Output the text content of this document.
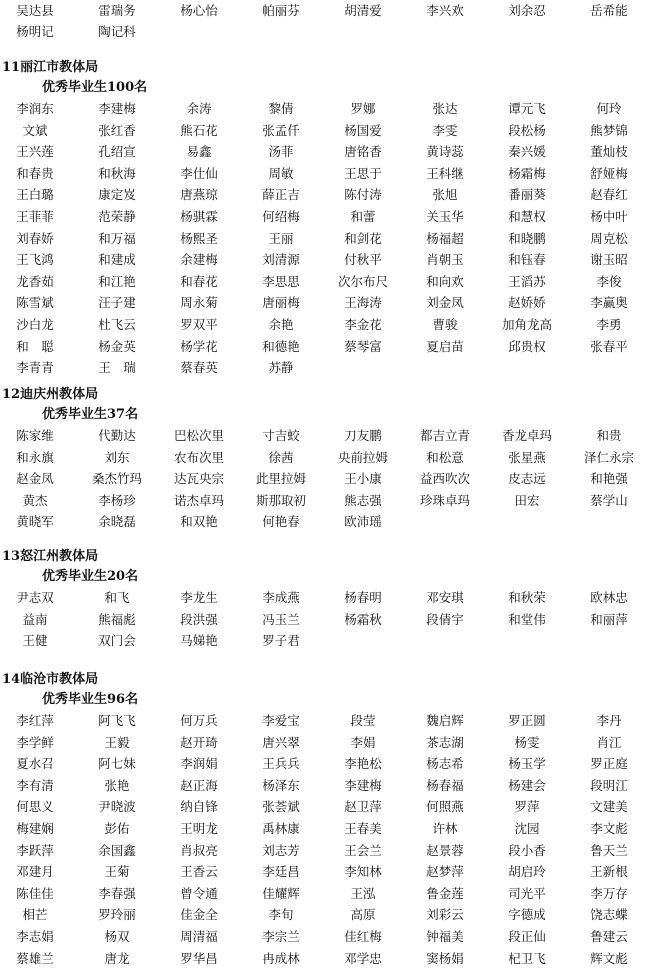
吴达县	雷瑞务	杨心怡	帕丽芬	胡清爱	李兴欢	刘余忍	岳希能
杨明记	陶记科
11丽江市教体局
优秀毕业生100名
李润东	李建梅	余涛	黎倩	罗娜	张达	谭元飞	何玲
文斌	张红香	熊石花	张孟仟	杨国爱	李雯	段松杨	熊梦锦
王兴莲	孔绍宣	易鑫	汤菲	唐铭香	黄诗蕊	秦兴媛	董灿枝
和春贵	和秋海	李仕仙	周敏	王思于	王科继	杨霜梅	舒娅梅
王白璐	康定岌	唐燕琼	薛正吉	陈付涛	张旭	番丽葵	赵春红
王菲菲	范荣静	杨骐霖	何绍梅	和蕾	关玉华	和慧权	杨中叶
刘春娇	和万福	杨熙圣	王丽	和剑花	杨福超	和晓鹏	周克松
王飞鸿	和建成	余建梅	刘清源	付秋平	肖朝玉	和钰春	谢玉昭
龙香茹	和江艳	和春花	李思思	次尔布尺	和向欢	王滔苏	李俊
陈雪斌	汪子建	周永菊	唐丽梅	王海涛	刘金凤	赵娇娇	李赢奥
沙白龙	杜飞云	罗双平	余艳	李金花	曹骏	加角龙高	李勇
和　聪	杨金英	杨学花	和德艳	蔡琴富	夏启苗	邱贵权	张春平
李青青	王　瑞	蔡春英	苏静
12迪庆州教体局
优秀毕业生37名
陈家维	代勤达	巴松次里	寸吉蛟	刀友鹏	都吉立青	香龙卓玛	和贵
和永旗	刘东	农布次里	徐茜	央前拉姆	和松意	张星燕	泽仁永宗
赵金凤	桑杰竹玛	达瓦央宗	此里拉姆	王小康	益西吹次	皮志远	和艳强
黄杰	李杨珍	诺杰卓玛	斯那取初	熊志强	珍珠卓玛	田宏	蔡学山
黄晓军	余晓磊	和双艳	何艳春	欧沛瑶
13怒江州教体局
优秀毕业生20名
尹志双	和飞	李龙生	李成燕	杨春明	邓安琪	和秋荣	欧林忠
益南	熊福彪	段洪强	冯玉兰	杨霜秋	段倩宇	和堂伟	和丽萍
王健	双门会	马娣艳	罗子君
14临沧市教体局
优秀毕业生96名
李红萍	阿飞飞	何万兵	李爱宝	段莹	魏启辉	罗正圆	李丹
李学鲜	王毅	赵开琦	唐兴翠	李娟	茶志湖	杨雯	肖江
夏水召	阿七妹	李润娟	王兵兵	李艳松	杨志希	杨玉学	罗正庭
李有清	张艳	赵正海	杨泽东	李建梅	杨春福	杨建会	段明江
何思义	尹晓波	纳自锋	张荟斌	赵卫萍	何照燕	罗萍	文建美
梅建娴	彭佑	王明龙	禹林康	王春美	许林	沈园	李文彪
李跃萍	余国鑫	肖叔亮	刘志芳	王会兰	赵景蓉	段小香	鲁天兰
邓建月	王菊	王香云	李廷昌	李知林	赵梦萍	胡启玲	王新根
陈佳佳	李春强	曾令通	佳耀辉	王泓	鲁金莲	司光平	李万存
相芒	罗玲丽	佳金全	李旬	高原	刘彩云	字德成	饶志蝶
李志娟	杨双	周清福	李宗兰	佳红梅	钟福美	段正仙	鲁建云
蔡雄兰	唐龙	罗华昌	冉成林	邓学忠	窦杨娟	杞卫飞	辉文彪
